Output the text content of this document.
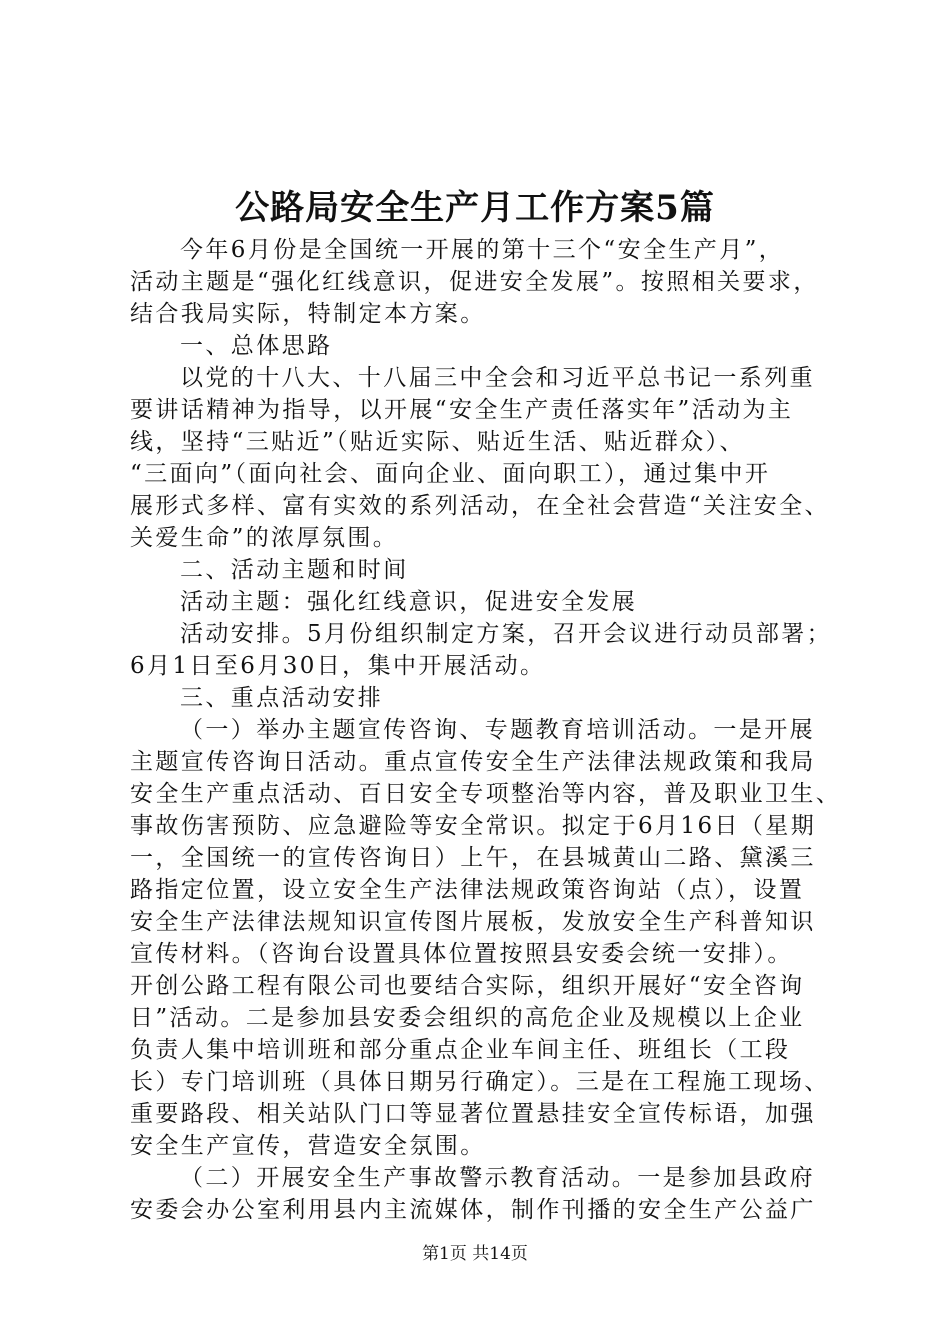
公路局安全生产月工作方案5篇
今年6月份是全国统一开展的第十三个“安全生产月”，
活动主题是“强化红线意识，促进安全发展”。按照相关要求，
结合我局实际，特制定本方案。
一、总体思路
以党的十八大、十八届三中全会和习近平总书记一系列重
要讲话精神为指导，以开展“安全生产责任落实年”活动为主
线，坚持“三贴近”（贴近实际、贴近生活、贴近群众）、
“三面向”（面向社会、面向企业、面向职工），通过集中开
展形式多样、富有实效的系列活动，在全社会营造“关注安全、
关爱生命”的浓厚氛围。
二、活动主题和时间
活动主题：强化红线意识，促进安全发展
活动安排。5月份组织制定方案，召开会议进行动员部署；
6月1日至6月30日，集中开展活动。
三、重点活动安排
（一）举办主题宣传咨询、专题教育培训活动。一是开展
主题宣传咨询日活动。重点宣传安全生产法律法规政策和我局
安全生产重点活动、百日安全专项整治等内容，普及职业卫生、
事故伤害预防、应急避险等安全常识。拟定于6月16日（星期
一，全国统一的宣传咨询日）上午，在县城黄山二路、黛溪三
路指定位置，设立安全生产法律法规政策咨询站（点），设置
安全生产法律法规知识宣传图片展板，发放安全生产科普知识
宣传材料。（咨询台设置具体位置按照县安委会统一安排）。
开创公路工程有限公司也要结合实际，组织开展好“安全咨询
日”活动。二是参加县安委会组织的高危企业及规模以上企业
负责人集中培训班和部分重点企业车间主任、班组长（工段
长）专门培训班（具体日期另行确定）。三是在工程施工现场、
重要路段、相关站队门口等显著位置悬挂安全宣传标语，加强
安全生产宣传，营造安全氛围。
（二）开展安全生产事故警示教育活动。一是参加县政府
安委会办公室利用县内主流媒体，制作刊播的安全生产公益广
第1页 共14页
